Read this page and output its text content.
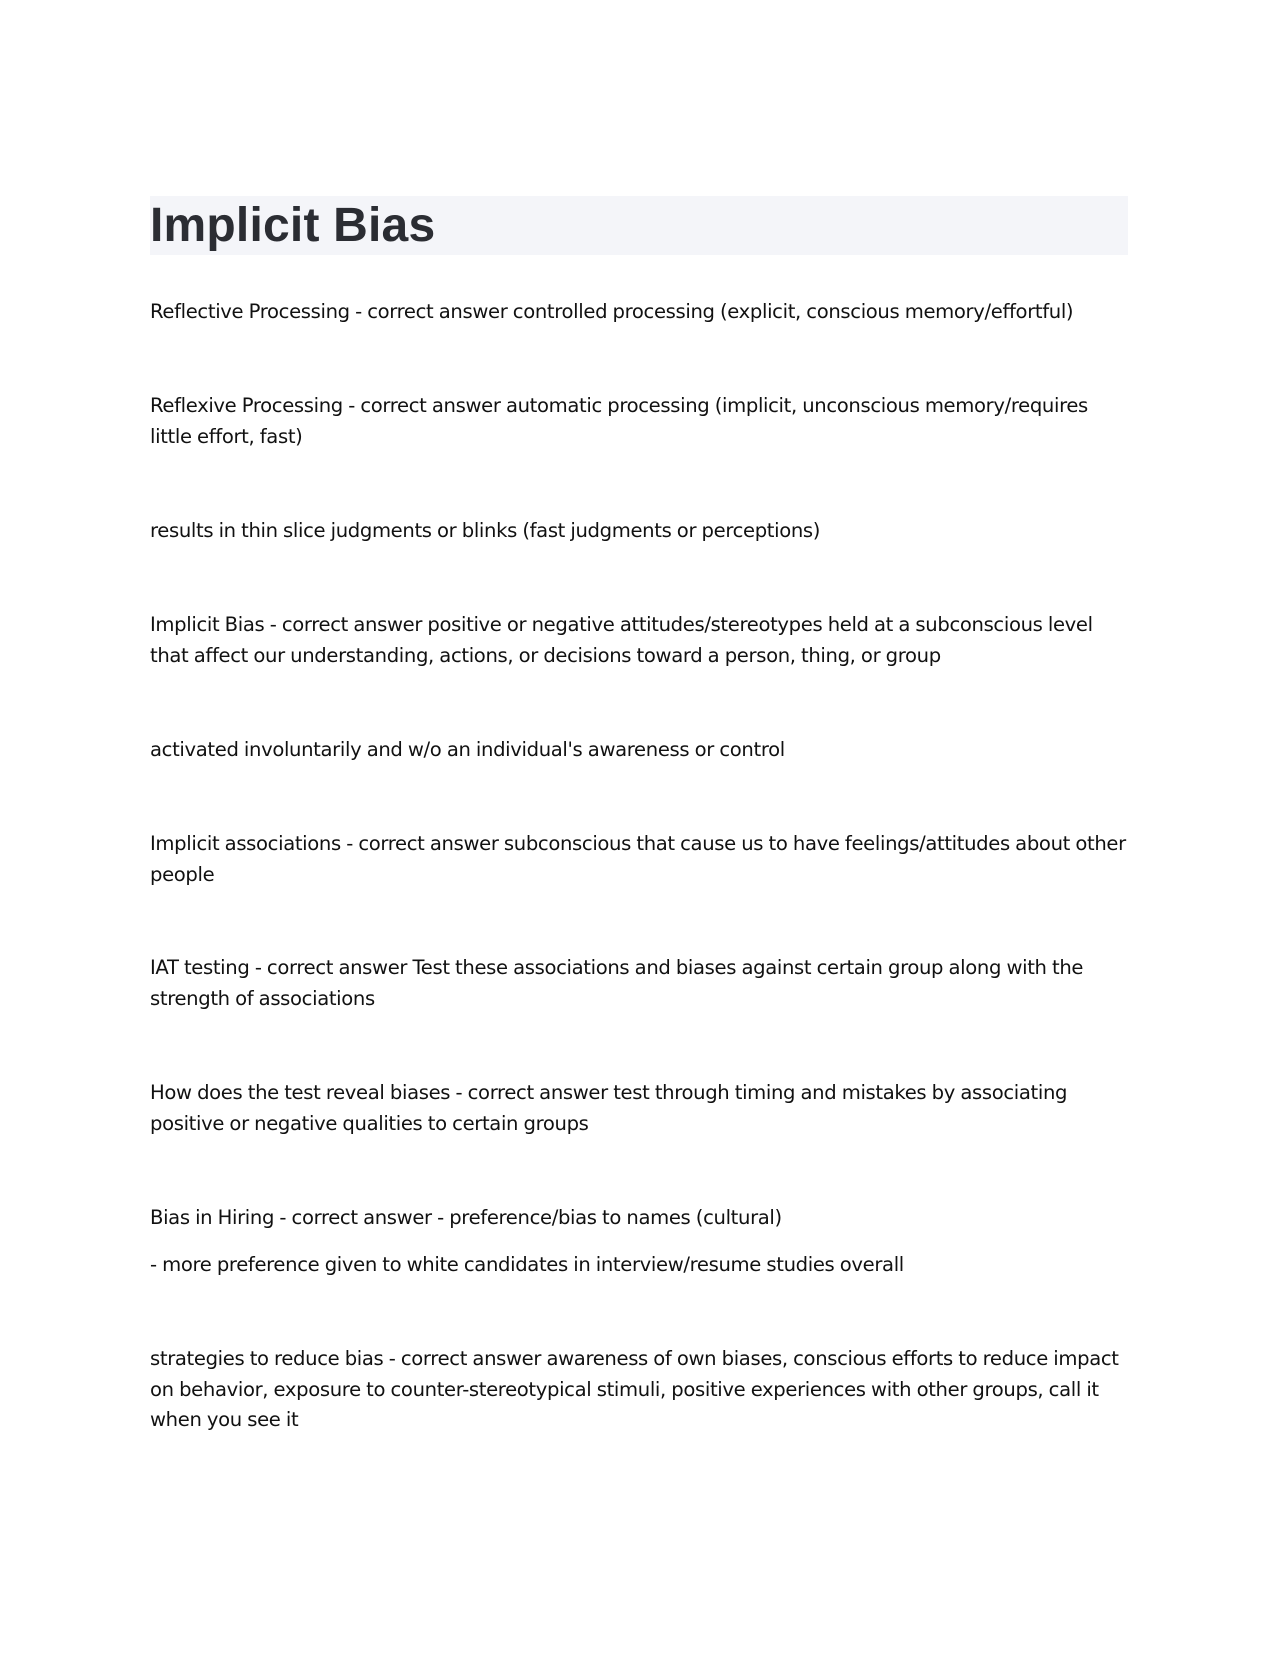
Implicit Bias

Reflective Processing - correct answer controlled processing (explicit, conscious memory/effortful)

Reflexive Processing - correct answer automatic processing (implicit, unconscious memory/requires little effort, fast)

results in thin slice judgments or blinks (fast judgments or perceptions)

Implicit Bias - correct answer positive or negative attitudes/stereotypes held at a subconscious level that affect our understanding, actions, or decisions toward a person, thing, or group

activated involuntarily and w/o an individual's awareness or control

Implicit associations - correct answer subconscious that cause us to have feelings/attitudes about other people

IAT testing - correct answer Test these associations and biases against certain group along with the strength of associations

How does the test reveal biases - correct answer test through timing and mistakes by associating positive or negative qualities to certain groups

Bias in Hiring - correct answer - preference/bias to names (cultural)

- more preference given to white candidates in interview/resume studies overall

strategies to reduce bias - correct answer awareness of own biases, conscious efforts to reduce impact on behavior, exposure to counter-stereotypical stimuli, positive experiences with other groups, call it when you see it
